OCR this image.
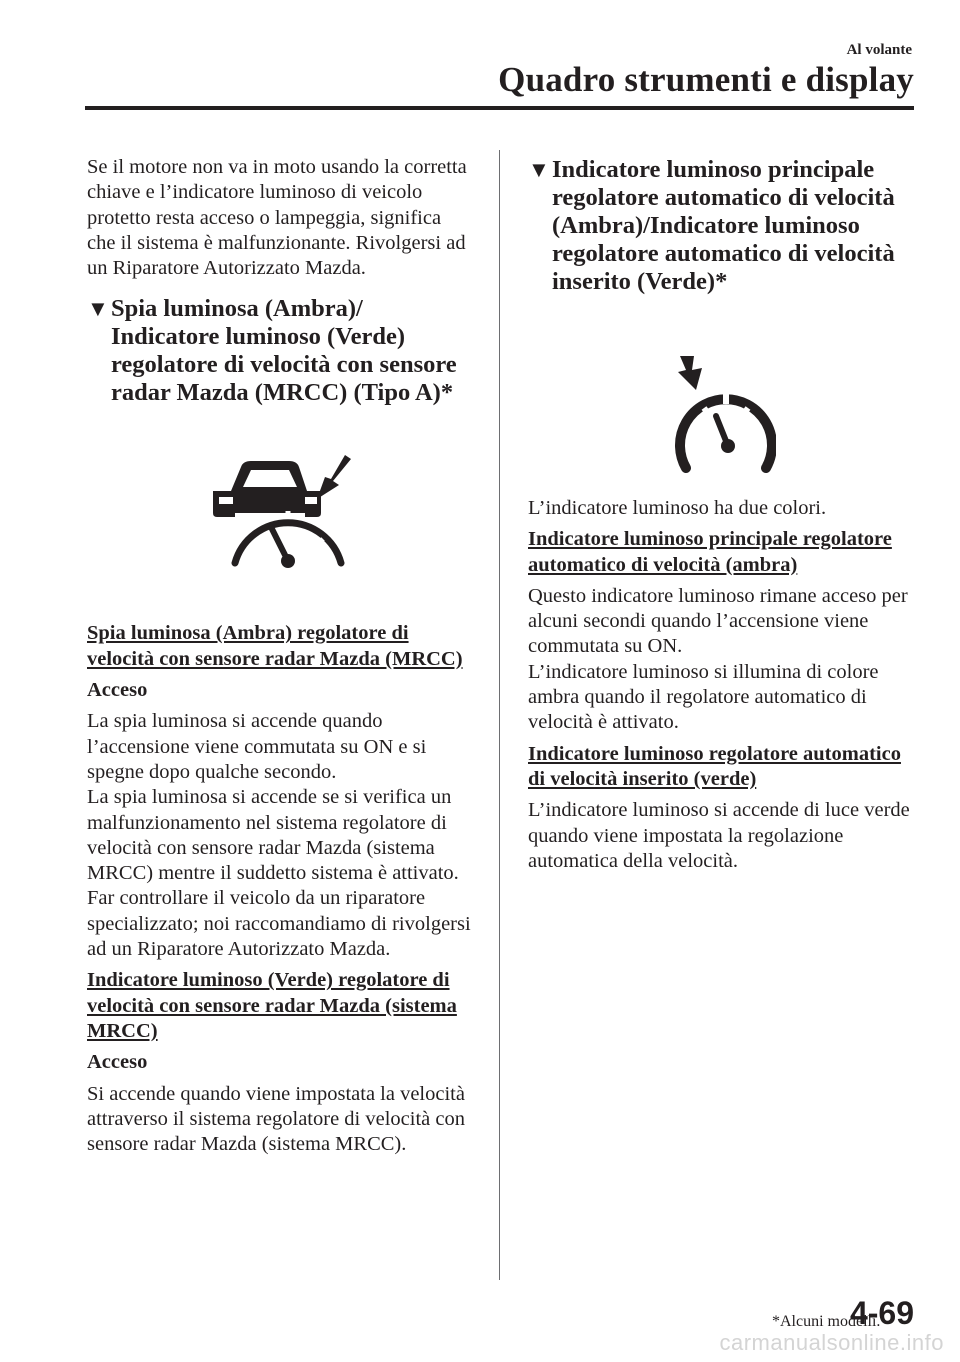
Al volante
Quadro strumenti e display

Se il motore non va in moto usando la corretta chiave e l’indicatore luminoso di veicolo protetto resta acceso o lampeggia, significa che il sistema è malfunzionante. Rivolgersi ad un Riparatore Autorizzato Mazda.

▼ Spia luminosa (Ambra)/ Indicatore luminoso (Verde) regolatore di velocità con sensore radar Mazda (MRCC) (Tipo A)*

Spia luminosa (Ambra) regolatore di velocità con sensore radar Mazda (MRCC)

Acceso

La spia luminosa si accende quando l’accensione viene commutata su ON e si spegne dopo qualche secondo.

La spia luminosa si accende se si verifica un malfunzionamento nel sistema regolatore di velocità con sensore radar Mazda (sistema MRCC) mentre il suddetto sistema è attivato. Far controllare il veicolo da un riparatore specializzato; noi raccomandiamo di rivolgersi ad un Riparatore Autorizzato Mazda.

Indicatore luminoso (Verde) regolatore di velocità con sensore radar Mazda (sistema MRCC)

Acceso

Si accende quando viene impostata la velocità attraverso il sistema regolatore di velocità con sensore radar Mazda (sistema MRCC).

▼ Indicatore luminoso principale regolatore automatico di velocità (Ambra)/Indicatore luminoso regolatore automatico di velocità inserito (Verde)*

L’indicatore luminoso ha due colori.

Indicatore luminoso principale regolatore automatico di velocità (ambra)

Questo indicatore luminoso rimane acceso per alcuni secondi quando l’accensione viene commutata su ON.

L’indicatore luminoso si illumina di colore ambra quando il regolatore automatico di velocità è attivato.

Indicatore luminoso regolatore automatico di velocità inserito (verde)

L’indicatore luminoso si accende di luce verde quando viene impostata la regolazione automatica della velocità.

*Alcuni modelli.
4-69
carmanualsonline.info
